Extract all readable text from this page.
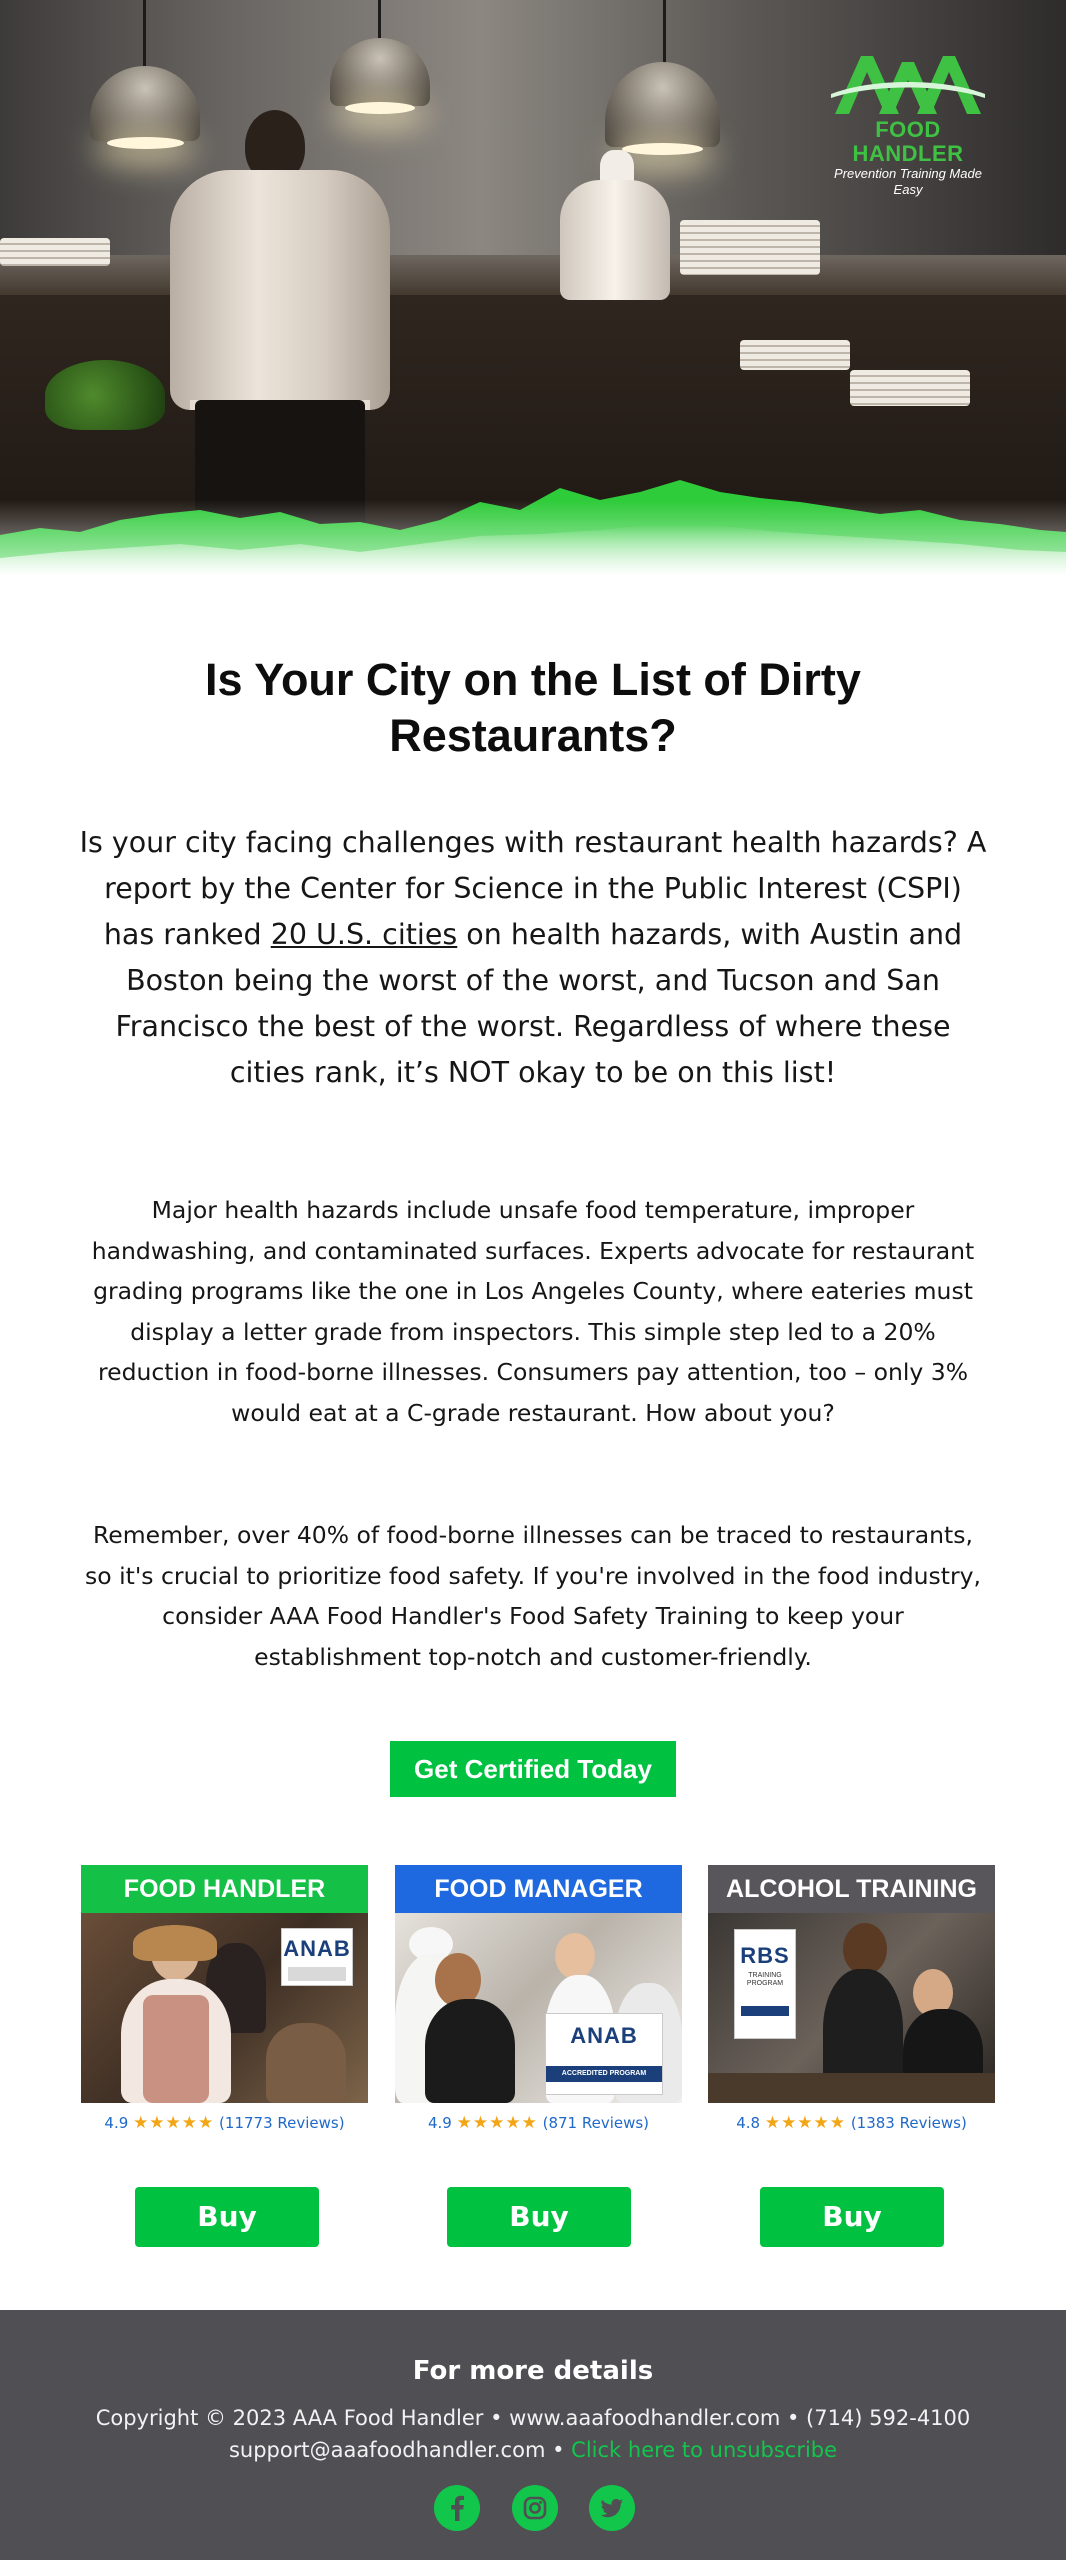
FOOD HANDLER
Prevention Training Made Easy
Is Your City on the List of Dirty Restaurants?

Is your city facing challenges with restaurant health hazards? A report by the Center for Science in the Public Interest (CSPI) has ranked 20 U.S. cities on health hazards, with Austin and Boston being the worst of the worst, and Tucson and San Francisco the best of the worst. Regardless of where these cities rank, it’s NOT okay to be on this list!

Major health hazards include unsafe food temperature, improper handwashing, and contaminated surfaces. Experts advocate for restaurant grading programs like the one in Los Angeles County, where eateries must display a letter grade from inspectors. This simple step led to a 20% reduction in food-borne illnesses. Consumers pay attention, too – only 3% would eat at a C-grade restaurant. How about you?

Remember, over 40% of food-borne illnesses can be traced to restaurants, so it's crucial to prioritize food safety. If you're involved in the food industry, consider AAA Food Handler's Food Safety Training to keep your establishment top-notch and customer-friendly.

Get Certified Today
FOOD HANDLER
ANAB
4.9 ★★★★★ (11773 Reviews)
FOOD MANAGER
ANAB
ACCREDITED PROGRAM
4.9 ★★★★★ (871 Reviews)
ALCOHOL TRAINING
RBS
TRAINING PROGRAM
4.8 ★★★★★ (1383 Reviews)
Buy	Buy	Buy
For more details
Copyright © 2023 AAA Food Handler • www.aaafoodhandler.com • (714) 592-4100
support@aaafoodhandler.com • Click here to unsubscribe
